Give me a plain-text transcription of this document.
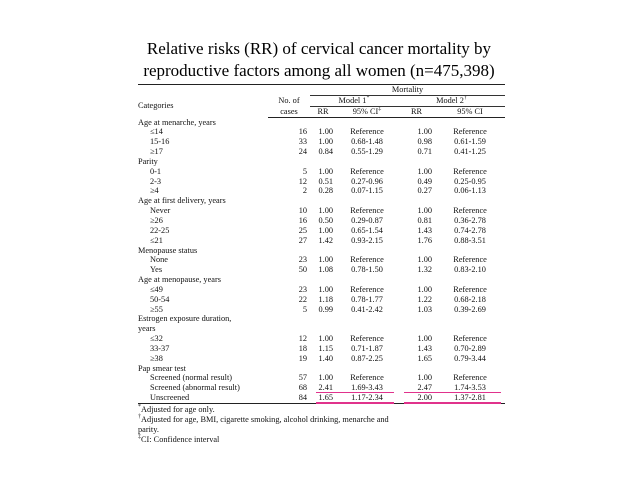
Relative risks (RR) of cervical cancer mortality by
reproductive factors among all women (n=475,398)
		Mortality			
Categories	No. of	Model 1*		Model 2†
	cases	RR	95% CI‡	RR	95% CI
Age at menarche, years					
≤14	16	1.00	Reference	1.00	Reference
15-16	33	1.00	0.68-1.48	0.98	0.61-1.59
≥17	24	0.84	0.55-1.29	0.71	0.41-1.25
Parity					
0-1	5	1.00	Reference	1.00	Reference
2-3	12	0.51	0.27-0.96	0.49	0.25-0.95
≥4	2	0.28	0.07-1.15	0.27	0.06-1.13
Age at first delivery, years					
Never	10	1.00	Reference	1.00	Reference
≥26	16	0.50	0.29-0.87	0.81	0.36-2.78
22-25	25	1.00	0.65-1.54	1.43	0.74-2.78
≤21	27	1.42	0.93-2.15	1.76	0.88-3.51
Menopause status					
None	23	1.00	Reference	1.00	Reference
Yes	50	1.08	0.78-1.50	1.32	0.83-2.10
Age at menopause, years					
≤49	23	1.00	Reference	1.00	Reference
50-54	22	1.18	0.78-1.77	1.22	0.68-2.18
≥55	5	0.99	0.41-2.42	1.03	0.39-2.69
Estrogen exposure duration,					
years					
≤32	12	1.00	Reference	1.00	Reference
33-37	18	1.15	0.71-1.87	1.43	0.70-2.89
≥38	19	1.40	0.87-2.25	1.65	0.79-3.44
Pap smear test					
Screened (normal result)	57	1.00	Reference	1.00	Reference
Screened (abnormal result)	68	2.41	1.69-3.43	2.47	1.74-3.53
Unscreened	84	1.65	1.17-2.34	2.00	1.37-2.81
*Adjusted for age only.
†Adjusted for age, BMI, cigarette smoking, alcohol drinking, menarche and
parity.
‡CI: Confidence interval
